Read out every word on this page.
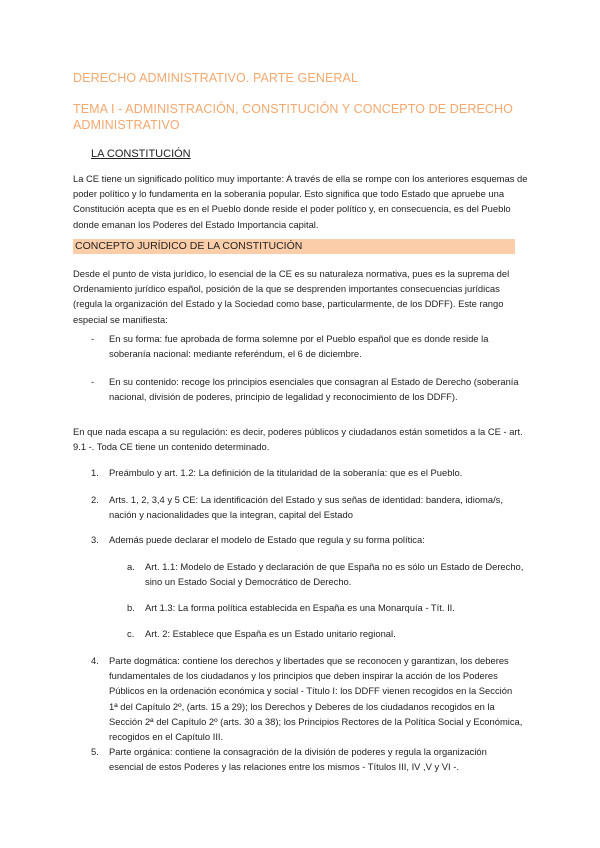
DERECHO ADMINISTRATIVO. PARTE GENERAL
TEMA I - ADMINISTRACIÓN, CONSTITUCIÓN Y CONCEPTO DE DERECHO ADMINISTRATIVO
LA CONSTITUCIÓN
La CE tiene un significado político muy importante: A través de ella se rompe con los anteriores esquemas de poder político y lo fundamenta en la soberanía popular. Esto significa que todo Estado que apruebe una Constitución acepta que es en el Pueblo donde reside el poder político y, en consecuencia, es del Pueblo donde emanan los Poderes del Estado Importancia capital.
CONCEPTO JURÍDICO DE LA CONSTITUCIÓN
Desde el punto de vista jurídico, lo esencial de la CE es su naturaleza normativa, pues es la suprema del Ordenamiento jurídico español, posición de la que se desprenden importantes consecuencias jurídicas (regula la organización del Estado y la Sociedad como base, particularmente, de los DDFF). Este rango especial se manifiesta:
- En su forma: fue aprobada de forma solemne por el Pueblo español que es donde reside la soberanía nacional: mediante referéndum, el 6 de diciembre.
- En su contenido: recoge los principios esenciales que consagran al Estado de Derecho (soberanía nacional, división de poderes, principio de legalidad y reconocimiento de los DDFF).
En que nada escapa a su regulación: es decir, poderes públicos y ciudadanos están sometidos a la CE - art. 9.1 -. Toda CE tiene un contenido determinado.
1. Preámbulo y art. 1.2: La definición de la titularidad de la soberanía: que es el Pueblo.
2. Arts. 1, 2, 3,4 y 5 CE: La identificación del Estado y sus señas de identidad: bandera, idioma/s, nación y nacionalidades que la integran, capital del Estado
3. Además puede declarar el modelo de Estado que regula y su forma política:
a. Art. 1.1: Modelo de Estado y declaración de que España no es sólo un Estado de Derecho, sino un Estado Social y Democrático de Derecho.
b. Art 1.3: La forma política establecida en España es una Monarquía - Tít. II.
c. Art. 2: Establece que España es un Estado unitario regional.
4. Parte dogmática: contiene los derechos y libertades que se reconocen y garantizan, los deberes fundamentales de los ciudadanos y los principios que deben inspirar la acción de los Poderes Públicos en la ordenación económica y social - Título I: los DDFF vienen recogidos en la Sección 1ª del Capítulo 2º, (arts. 15 a 29); los Derechos y Deberes de los ciudadanos recogidos en la Sección 2ª del Capítulo 2º (arts. 30 a 38); los Principios Rectores de la Política Social y Económica, recogidos en el Capítulo III.
5. Parte orgánica: contiene la consagración de la división de poderes y regula la organización esencial de estos Poderes y las relaciones entre los mismos - Títulos III, IV ,V y VI -.
